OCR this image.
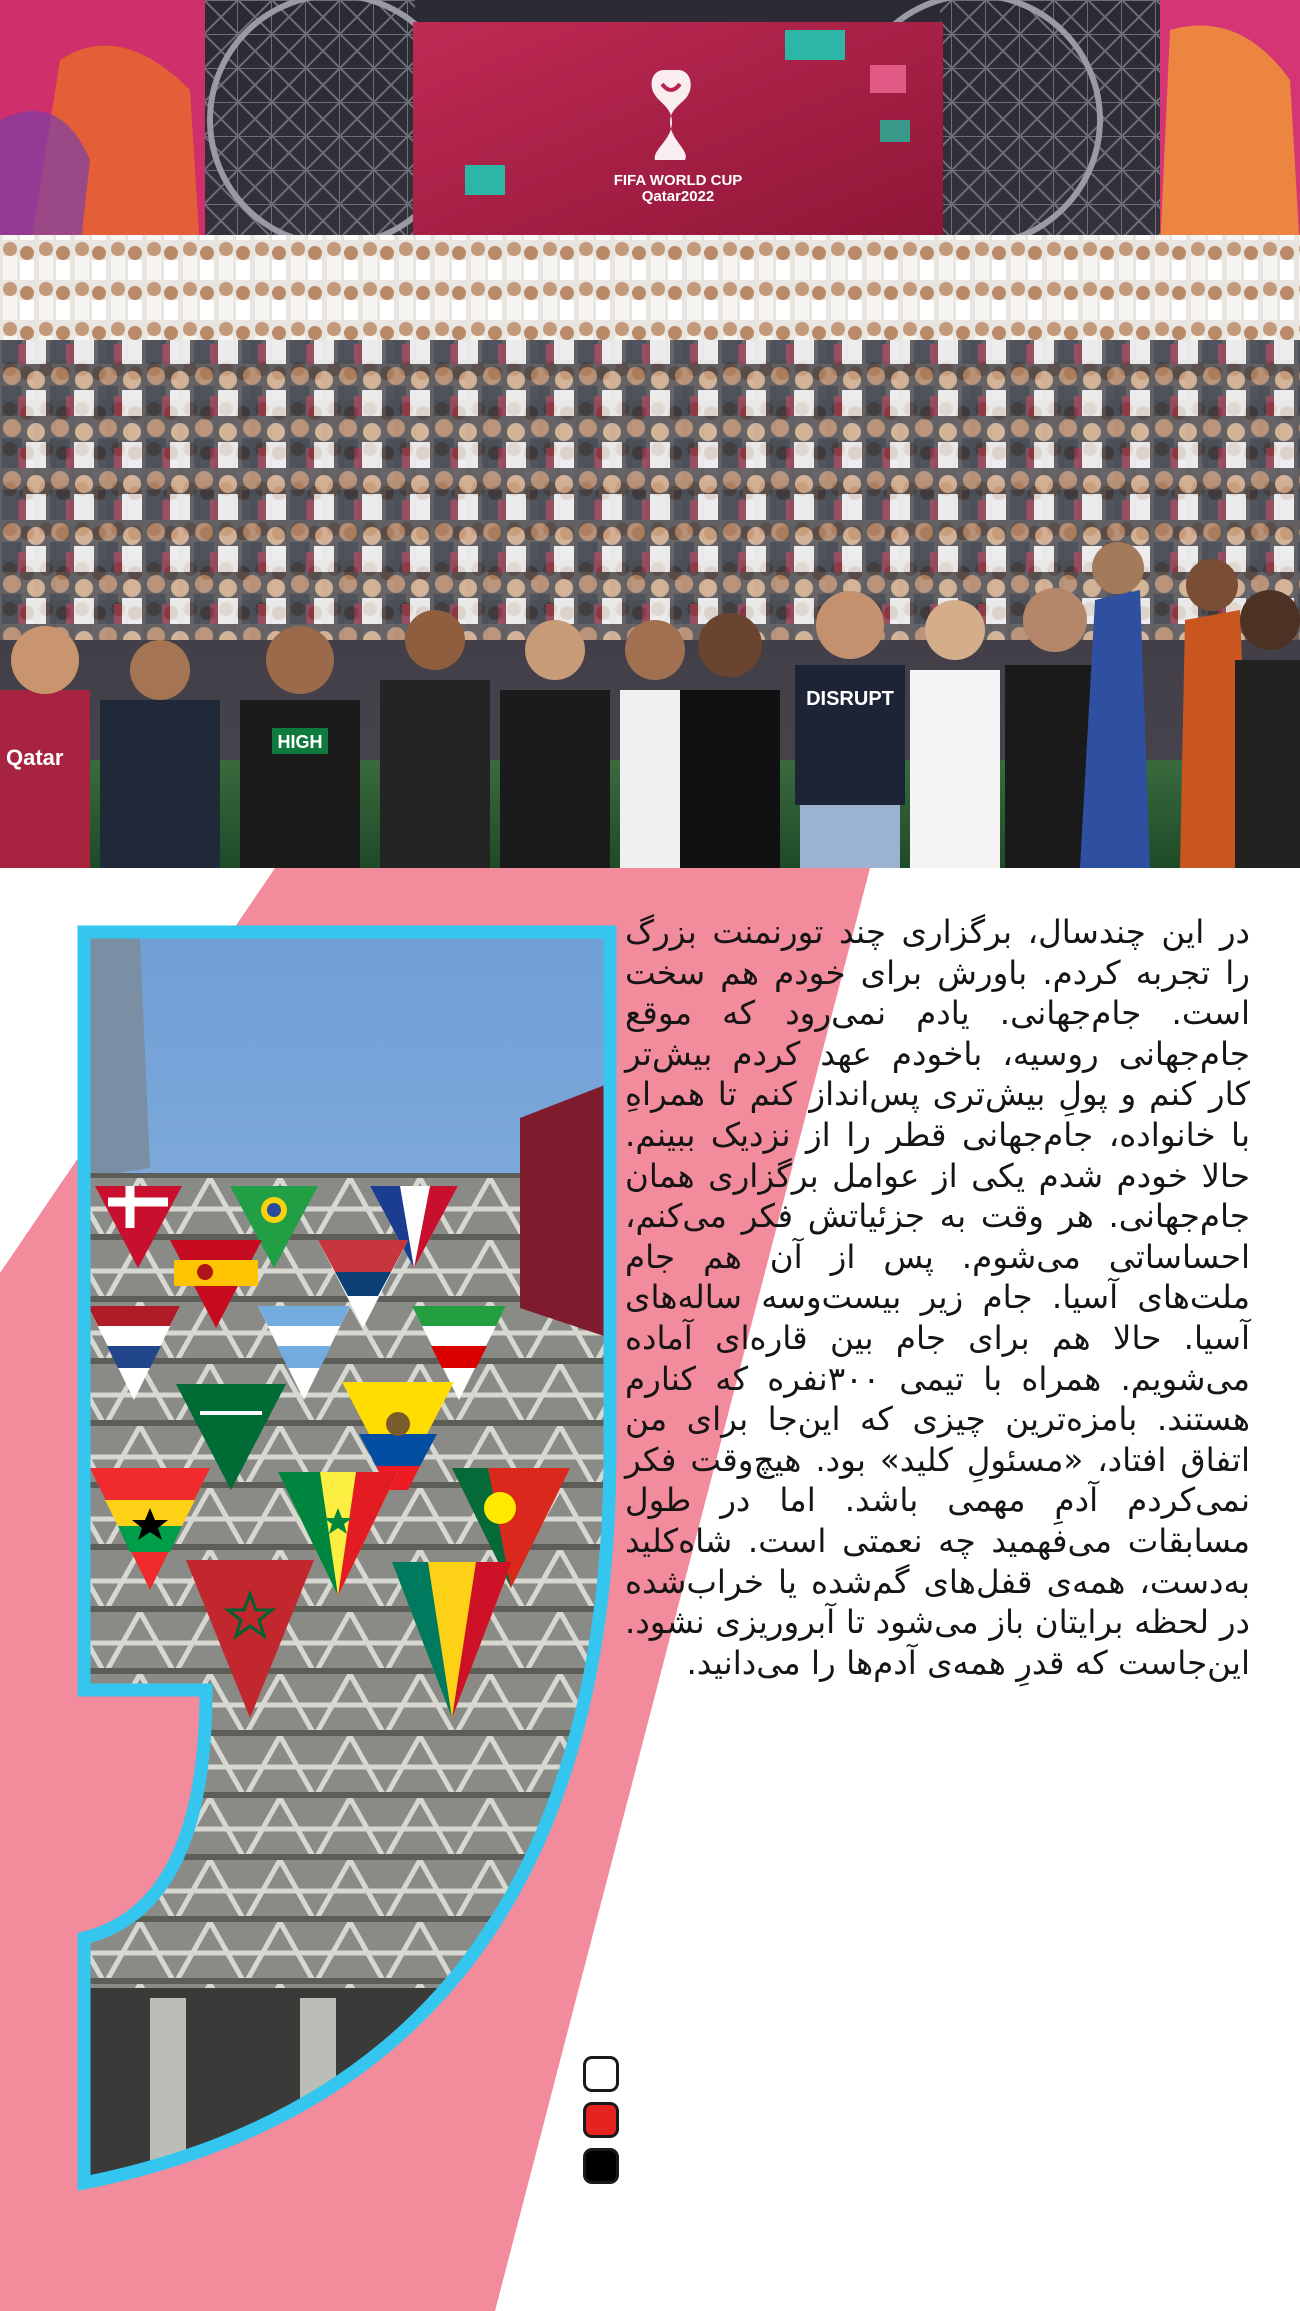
FIFA WORLD CUP
Qatar2022
Qatar
HIGH
DISRUPT
در این چندسال، برگزاری چند تورنمنت بزرگ را تجربه کردم. باورش برای خودم هم سخت است. جام‌جهانی. یادم نمی‌رود که موقع جام‌جهانی روسیه، باخودم عهد کردم بیش‌تر کار کنم و پولِ بیش‌تری پس‌انداز کنم تا همراهِ با خانواده، جام‌جهانی قطر را از نزدیک ببینم. حالا خودم شدم یکی از عوامل برگزاری همان جام‌جهانی. هر وقت به جزئیاتش فکر می‌کنم، احساساتی می‌شوم. پس از آن هم جام ملت‌های آسیا. جام زیر بیست‌وسه ساله‌های آسیا. حالا هم برای جام بین قاره‌ای آماده می‌شویم. همراه با تیمی ۳۰۰نفره که کنارم هستند. بامزه‌ترین چیزی که این‌جا برای من اتفاق افتاد، «مسئولِ کلید» بود. هیچ‌وقت فکر نمی‌کردم آدمِ مهمی باشد. اما در طول مسابقات می‌فهمید چه نعمتی است. شاه‌کلید به‌دست، همه‌ی قفل‌های گم‌شده یا خراب‌شده در لحظه برایتان باز می‌شود تا آبروریزی نشود. این‌جاست که قدرِ همه‌ی آدم‌ها را می‌دانید.
